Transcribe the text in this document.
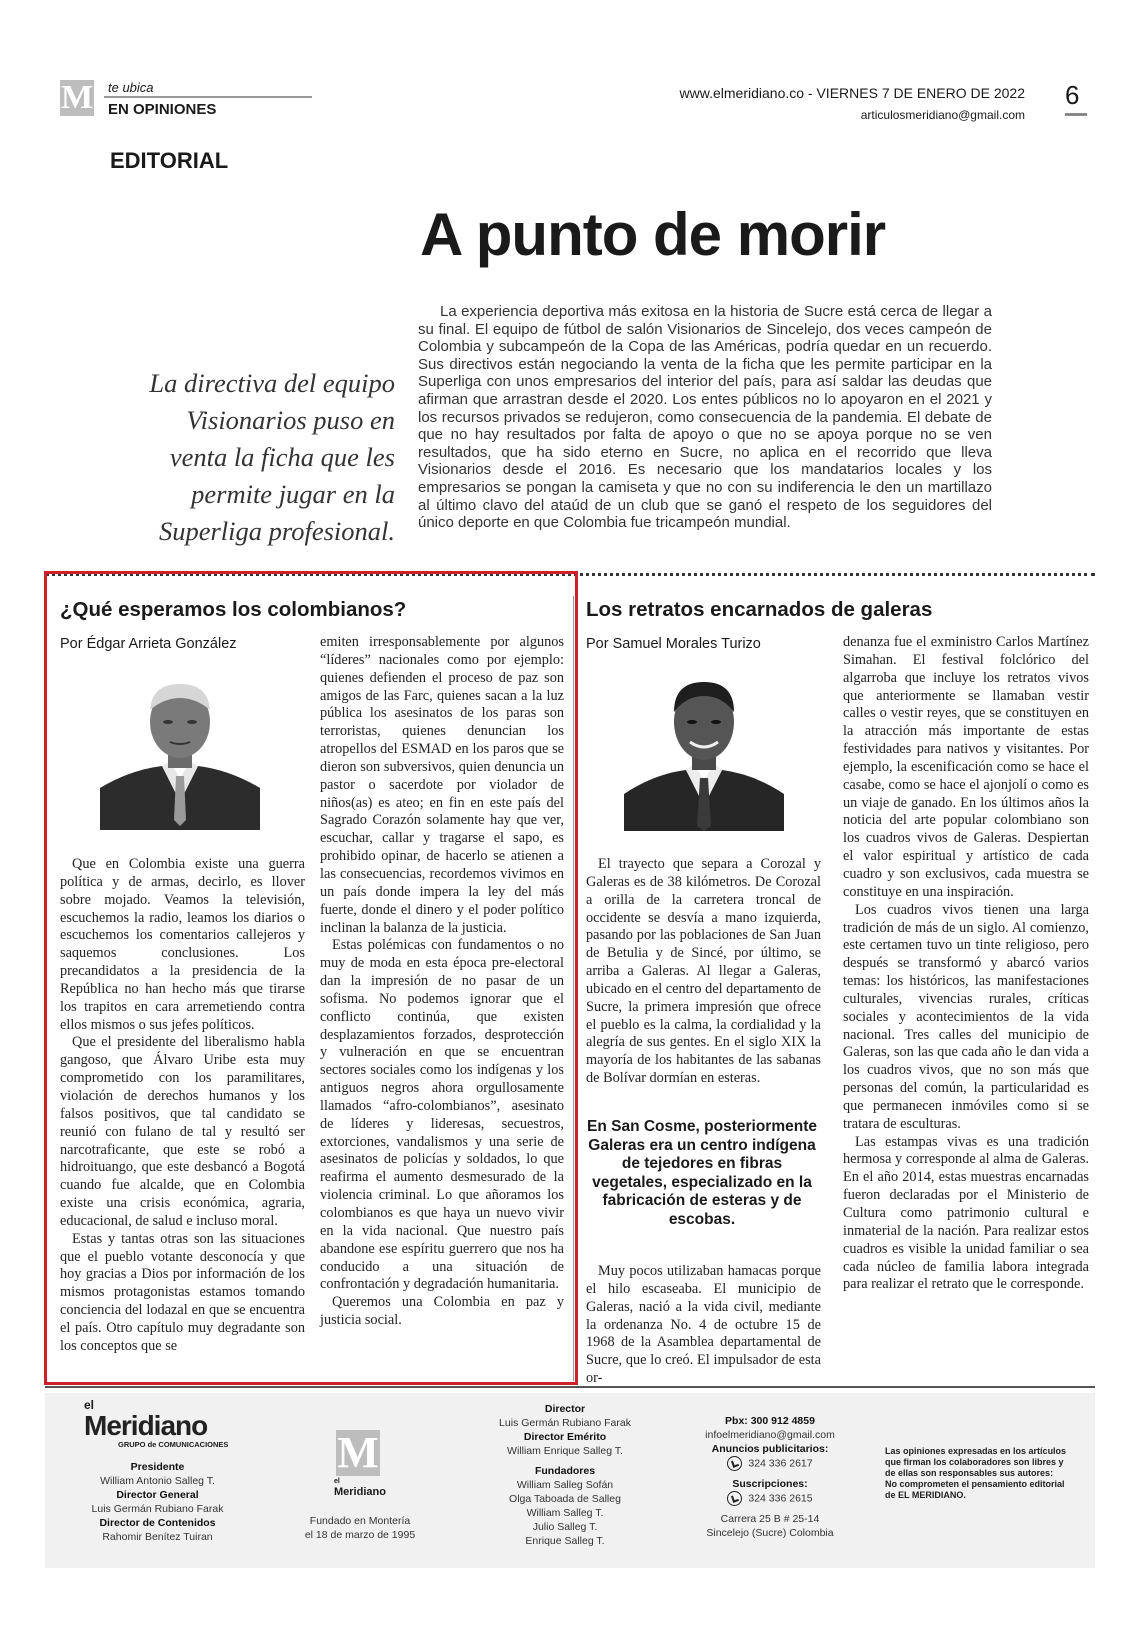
M te ubica
EN OPINIONES
www.elmeridiano.co - VIERNES 7 DE ENERO DE 2022
articulosmeridiano@gmail.com
6
EDITORIAL
A punto de morir

La experiencia deportiva más exitosa en la historia de Sucre está cerca de llegar a su final. El equipo de fútbol de salón Visionarios de Sincelejo, dos veces campeón de Colombia y subcampeón de la Copa de las Américas, podría quedar en un recuerdo. Sus directivos están negociando la venta de la ficha que les permite participar en la Superliga con unos empresarios del interior del país, para así saldar las deudas que afirman que arrastran desde el 2020. Los entes públicos no lo apoyaron en el 2021 y los recursos privados se redujeron, como consecuencia de la pandemia. El debate de que no hay resultados por falta de apoyo o que no se apoya porque no se ven resultados, que ha sido eterno en Sucre, no aplica en el recorrido que lleva Visionarios desde el 2016. Es necesario que los mandatarios locales y los empresarios se pongan la camiseta y que no con su indiferencia le den un martillazo al último clavo del ataúd de un club que se ganó el respeto de los seguidores del único deporte en que Colombia fue tricampeón mundial.

La directiva del equipo Visionarios puso en venta la ficha que les permite jugar en la Superliga profesional.
¿Qué esperamos los colombianos?
Por Édgar Arrieta González

Que en Colombia existe una guerra política y de armas, decirlo, es llover sobre mojado. Veamos la televisión, escuchemos la radio, leamos los diarios o escuchemos los comentarios callejeros y saquemos conclusiones. Los precandidatos a la presidencia de la República no han hecho más que tirarse los trapitos en cara arremetiendo contra ellos mismos o sus jefes políticos.

Que el presidente del liberalismo habla gangoso, que Álvaro Uribe esta muy comprometido con los paramilitares, violación de derechos humanos y los falsos positivos, que tal candidato se reunió con fulano de tal y resultó ser narcotraficante, que este se robó a hidroituango, que este desbancó a Bogotá cuando fue alcalde, que en Colombia existe una crisis económica, agraria, educacional, de salud e incluso moral.

Estas y tantas otras son las situaciones que el pueblo votante desconocía y que hoy gracias a Dios por información de los mismos protagonistas estamos tomando conciencia del lodazal en que se encuentra el país. Otro capítulo muy degradante son los conceptos que se

emiten irresponsablemente por algunos “líderes” nacionales como por ejemplo: quienes defienden el proceso de paz son amigos de las Farc, quienes sacan a la luz pública los asesinatos de los paras son terroristas, quienes denuncian los atropellos del ESMAD en los paros que se dieron son subversivos, quien denuncia un pastor o sacerdote por violador de niños(as) es ateo; en fin en este país del Sagrado Corazón solamente hay que ver, escuchar, callar y tragarse el sapo, es prohibido opinar, de hacerlo se atienen a las consecuencias, recordemos vivimos en un país donde impera la ley del más fuerte, donde el dinero y el poder político inclinan la balanza de la justicia.

Estas polémicas con fundamentos o no muy de moda en esta época pre-electoral dan la impresión de no pasar de un sofisma. No podemos ignorar que el conflicto continúa, que existen desplazamientos forzados, desprotección y vulneración en que se encuentran sectores sociales como los indígenas y los antiguos negros ahora orgullosamente llamados “afro-colombianos”, asesinato de líderes y lideresas, secuestros, extorciones, vandalismos y una serie de asesinatos de policías y soldados, lo que reafirma el aumento desmesurado de la violencia criminal. Lo que añoramos los colombianos es que haya un nuevo vivir en la vida nacional. Que nuestro país abandone ese espíritu guerrero que nos ha conducido a una situación de confrontación y degradación humanitaria.

Queremos una Colombia en paz y justicia social.

Los retratos encarnados de galeras
Por Samuel Morales Turizo

El trayecto que separa a Corozal y Galeras es de 38 kilómetros. De Corozal a orilla de la carretera troncal de occidente se desvía a mano izquierda, pasando por las poblaciones de San Juan de Betulia y de Sincé, por último, se arriba a Galeras. Al llegar a Galeras, ubicado en el centro del departamento de Sucre, la primera impresión que ofrece el pueblo es la calma, la cordialidad y la alegría de sus gentes. En el siglo XIX la mayoría de los habitantes de las sabanas de Bolívar dormían en esteras.

En San Cosme, posteriormente Galeras era un centro indígena de tejedores en fibras vegetales, especializado en la fabricación de esteras y de escobas.

Muy pocos utilizaban hamacas porque el hilo escaseaba. El municipio de Galeras, nació a la vida civil, mediante la ordenanza No. 4 de octubre 15 de 1968 de la Asamblea departamental de Sucre, que lo creó. El impulsador de esta or-

denanza fue el exministro Carlos Martínez Simahan. El festival folclórico del algarroba que incluye los retratos vivos que anteriormente se llamaban vestir calles o vestir reyes, que se constituyen en la atracción más importante de estas festividades para nativos y visitantes. Por ejemplo, la escenificación como se hace el casabe, como se hace el ajonjolí o como es un viaje de ganado. En los últimos años la noticia del arte popular colombiano son los cuadros vivos de Galeras. Despiertan el valor espiritual y artístico de cada cuadro y son exclusivos, cada muestra se constituye en una inspiración.

Los cuadros vivos tienen una larga tradición de más de un siglo. Al comienzo, este certamen tuvo un tinte religioso, pero después se transformó y abarcó varios temas: los históricos, las manifestaciones culturales, vivencias rurales, críticas sociales y acontecimientos de la vida nacional. Tres calles del municipio de Galeras, son las que cada año le dan vida a los cuadros vivos, que no son más que personas del común, la particularidad es que permanecen inmóviles como si se tratara de esculturas.

Las estampas vivas es una tradición hermosa y corresponde al alma de Galeras. En el año 2014, estas muestras encarnadas fueron declaradas por el Ministerio de Cultura como patrimonio cultural e inmaterial de la nación. Para realizar estos cuadros es visible la unidad familiar o sea cada núcleo de familia labora integrada para realizar el retrato que le corresponde.

el
Meridiano
GRUPO de COMUNICACIONES
Presidente
William Antonio Salleg T.
Director General
Luis Germán Rubiano Farak
Director de Contenidos
Rahomir Benítez Tuiran
M
el
Meridiano
Fundado en Montería
el 18 de marzo de 1995
Director
Luis Germán Rubiano Farak
Director Emérito
William Enrique Salleg T.
Fundadores
William Salleg Sofán
Olga Taboada de Salleg
William Salleg T.
Julio Salleg T.
Enrique Salleg T.
Pbx: 300 912 4859
infoelmeridiano@gmail.com
Anuncios publicitarios:
324 336 2617
Suscripciones:
324 336 2615
Carrera 25 B # 25-14
Sincelejo (Sucre) Colombia
Las opiniones expresadas en los artículos que firman los colaboradores son libres y de ellas son responsables sus autores: No comprometen el pensamiento editorial de EL MERIDIANO.
